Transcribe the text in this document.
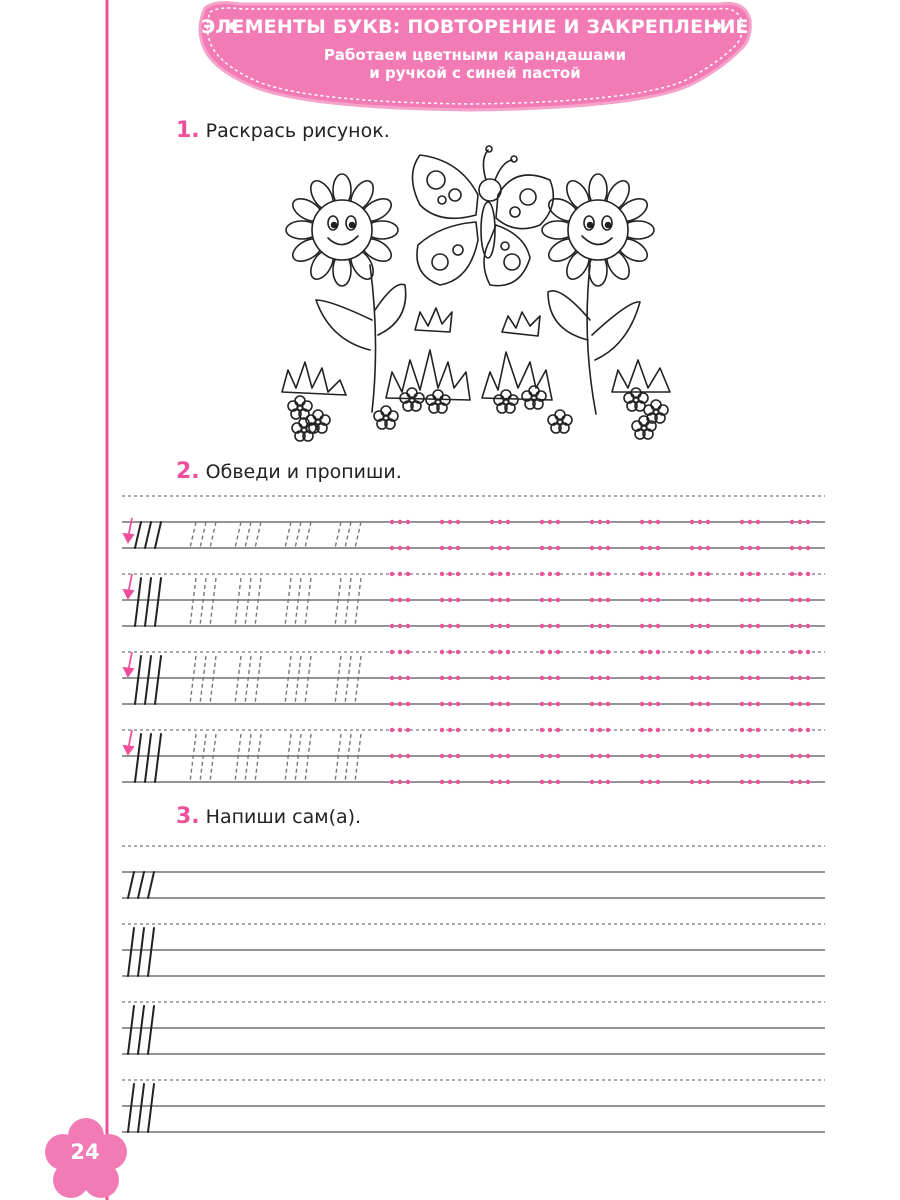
ЭЛЕМЕНТЫ БУКВ: ПОВТОРЕНИЕ И ЗАКРЕПЛЕНИЕ
Работаем цветными карандашами
и ручкой с синей пастой
1. Раскрась рисунок.
2. Обведи и пропиши.
3. Напиши сам(а).
24
